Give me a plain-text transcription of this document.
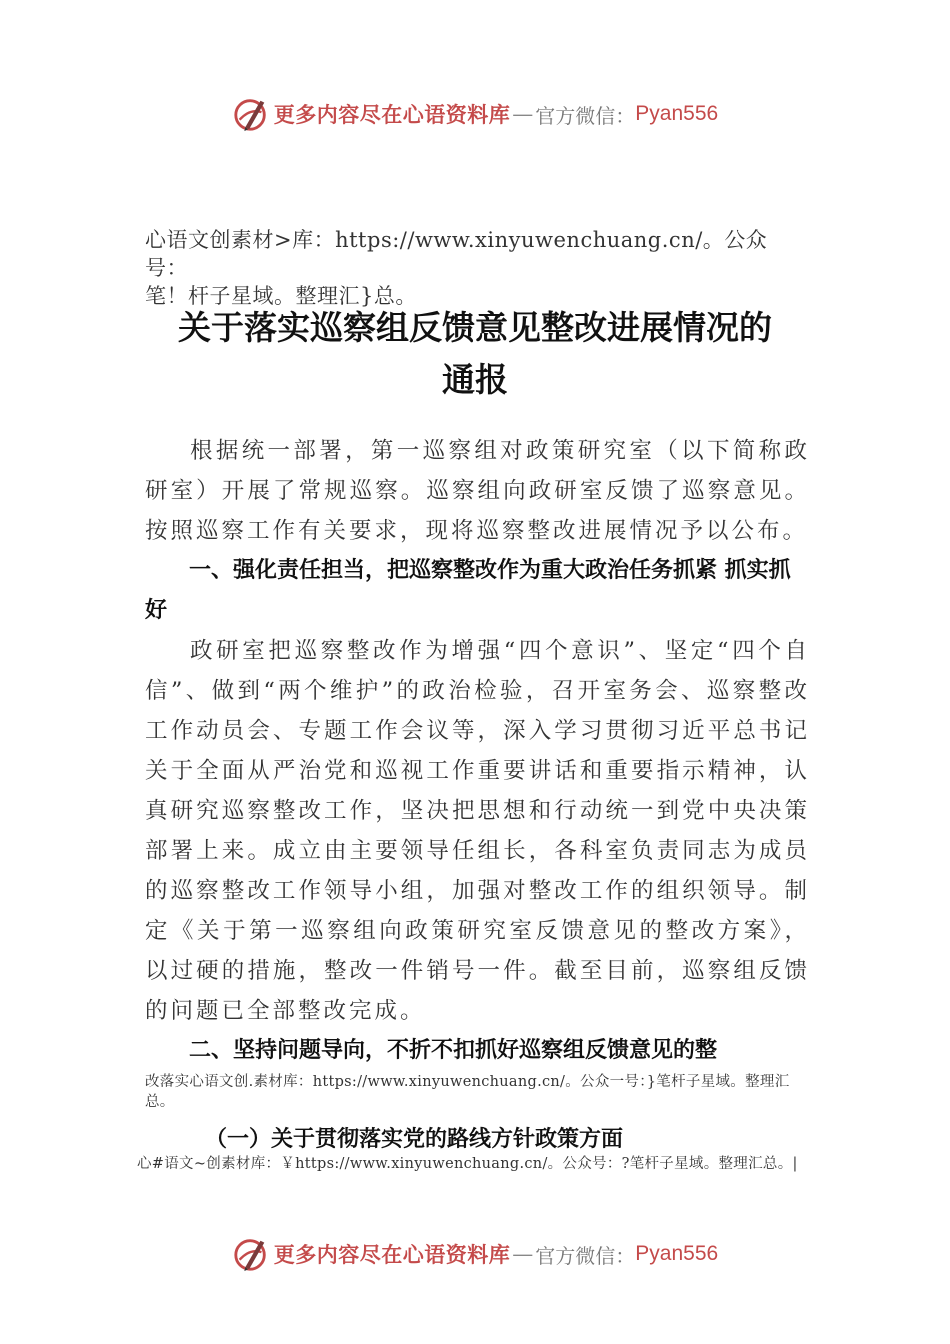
更多内容尽在心语资料库 — 官方微信： Pyan556
心语文创素材>库：https://www.xinyuwenchuang.cn/。公众号：
笔！杆子星域。整理汇}总。
关于落实巡察组反馈意见整改进展情况的
通报

根据统一部署，第一巡察组对政策研究室（以下简称政研室）开展了常规巡察。巡察组向政研室反馈了巡察意见。按照巡察工作有关要求，现将巡察整改进展情况予以公布。

一、强化责任担当，把巡察整改作为重大政治任务抓紧 抓实抓好

政研室把巡察整改作为增强“四个意识”、坚定“四个自信”、做到“两个维护”的政治检验，召开室务会、巡察整改工作动员会、专题工作会议等，深入学习贯彻习近平总书记关于全面从严治党和巡视工作重要讲话和重要指示精神，认真研究巡察整改工作，坚决把思想和行动统一到党中央决策部署上来。成立由主要领导任组长，各科室负责同志为成员的巡察整改工作领导小组，加强对整改工作的组织领导。制定《关于第一巡察组向政策研究室反馈意见的整改方案》，以过硬的措施，整改一件销号一件。截至目前，巡察组反馈的问题已全部整改完成。

二、坚持问题导向，不折不扣抓好巡察组反馈意见的整

改落实心语文创.素材库：https://www.xinyuwenchuang.cn/。公众一号：}笔杆子星域。整理汇总。
（一）关于贯彻落实党的路线方针政策方面
心#语文~创素材库：￥https://www.xinyuwenchuang.cn/。公众号：?笔杆子星域。整理汇总。|
更多内容尽在心语资料库 — 官方微信： Pyan556
